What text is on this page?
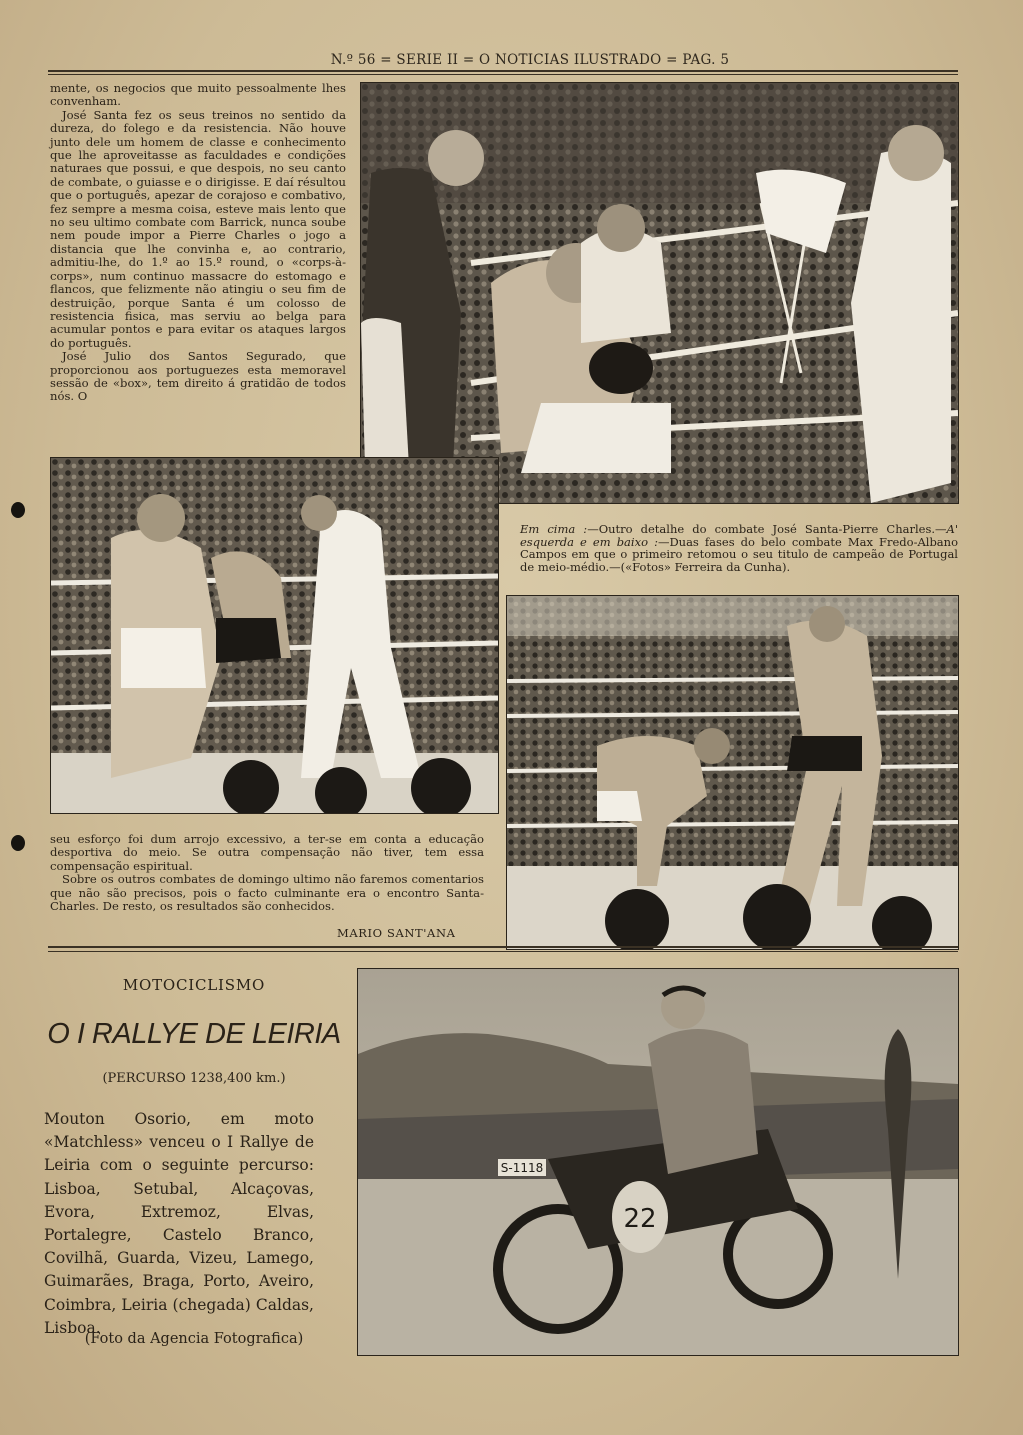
N.º 56 = SERIE II = O NOTICIAS ILUSTRADO = PAG. 5

mente, os negocios que muito pessoalmente lhes convenham.

José Santa fez os seus treinos no sentido da dureza, do folego e da resistencia. Não houve junto dele um homem de classe e conhecimento que lhe aproveitasse as faculdades e condições naturaes que possui, e que despois, no seu canto de combate, o guiasse e o dirigisse. E daí résultou que o português, apezar de corajoso e combativo, fez sempre a mesma coisa, esteve mais lento que no seu ultimo combate com Barrick, nunca soube nem poude impor a Pierre Charles o jogo a distancia que lhe convinha e, ao contrario, admitiu-lhe, do 1.º ao 15.º round, o «corps-à-corps», num continuo massacre do estomago e flancos, que felizmente não atingiu o seu fim de destruição, porque Santa é um colosso de resistencia fisica, mas serviu ao belga para acumular pontos e para evitar os ataques largos do português.

José Julio dos Santos Segurado, que proporcionou aos portuguezes esta memoravel sessão de «box», tem direito á gratidão de todos nós. O

Em cima :—Outro detalhe do combate José Santa-Pierre Charles.—A' esquerda e em baixo :—Duas fases do belo combate Max Fredo-Albano Campos em que o primeiro retomou o seu titulo de campeão de Portugal de meio-médio.—(«Fotos» Ferreira da Cunha).

seu esforço foi dum arrojo excessivo, a ter-se em conta a educação desportiva do meio. Se outra compensação não tiver, tem essa compensação espiritual.

Sobre os outros combates de domingo ultimo não faremos comentarios que não são precisos, pois o facto culminante era o encontro Santa-Charles. De resto, os resultados são conhecidos.

MARIO SANT'ANA
MOTOCICLISMO
O I RALLYE DE LEIRIA
(PERCURSO 1238,400 km.)
Mouton Osorio, em moto «Matchless» venceu o I Rallye de Leiria com o seguinte percurso: Lisboa, Setubal, Alcaçovas, Evora, Extremoz, Elvas, Portalegre, Castelo Branco, Covilhã, Guarda, Vizeu, Lamego, Guimarães, Braga, Porto, Aveiro, Coimbra, Leiria (chegada) Caldas, Lisboa.
(Foto da Agencia Fotografica)
22
S-1118
